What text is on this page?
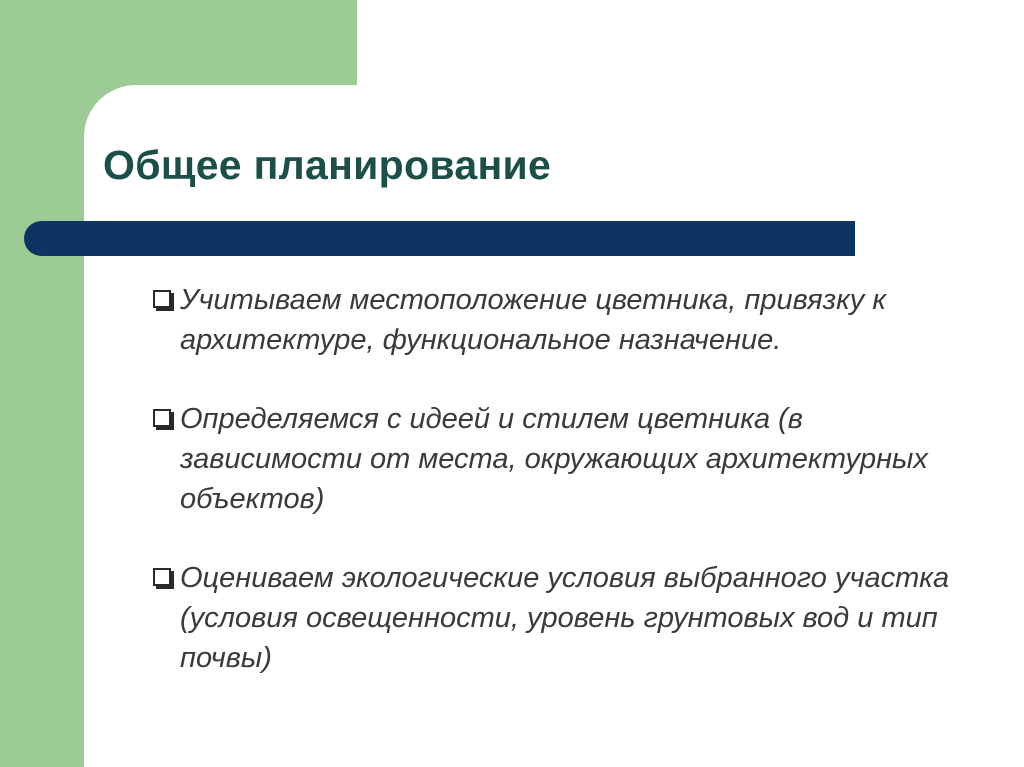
Общее планирование
Учитываем местоположение цветника, привязку к архитектуре, функциональное назначение.
Определяемся с идеей и стилем цветника (в зависимости от места, окружающих архитектурных объектов)
Оцениваем экологические условия выбранного участка (условия освещенности, уровень грунтовых вод и тип почвы)
